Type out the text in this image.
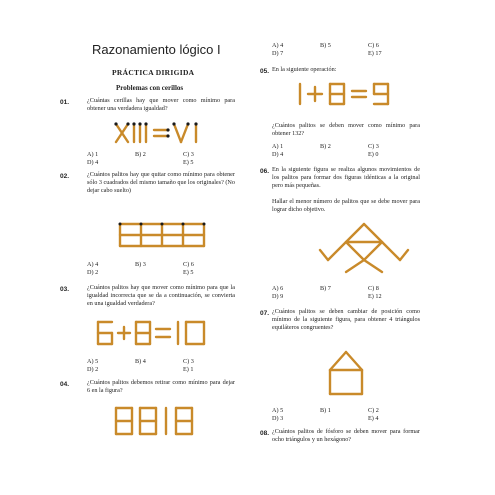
Razonamiento lógico I
PRÁCTICA DIRIGIDA
Problemas con cerillos
01.	¿Cuántas cerillas hay que mover como mínimo para obtener una verdadera igualdad?
A) 1	B) 2	C) 3
D) 4	E) 5
02.	¿Cuántos palitos hay que quitar como mínimo para obtener sólo 3 cuadrados del mismo tamaño que los originales? (No dejar cabo suelto)
A) 4	B) 3	C) 6
D) 2	E) 5
03.	¿Cuántos palitos hay que mover como mínimo para que la igualdad incorrecta que se da a continuación, se convierta en una igualdad verdadera?
A) 5	B) 4	C) 3
D) 2	E) 1
04.	¿Cuántos palitos debemos retirar como mínimo para dejar 6 en la figura?
A) 4	B) 5	C) 6
D) 7	E) 17
05. En la siguiente operación:
¿Cuántos palitos se deben mover como mínimo para obtener 132?
A) 1	B) 2	C) 3
D) 4	E) 0
06. En la siguiente figura se realiza algunos movimientos de los palitos para formar dos figuras idénticas a la original pero más pequeñas.
Hallar el menor número de palitos que se debe mover para lograr dicho objetivo.
A) 6	B) 7	C) 8
D) 9	E) 12
07. ¿Cuántos palitos se deben cambiar de posición como mínimo de la siguiente figura, para obtener 4 triángulos equiláteros congruentes?
A) 5	B) 1	C) 2
D) 3	E) 4
08. ¿Cuántos palitos de fósforo se deben mover para formar ocho triángulos y un hexágono?
